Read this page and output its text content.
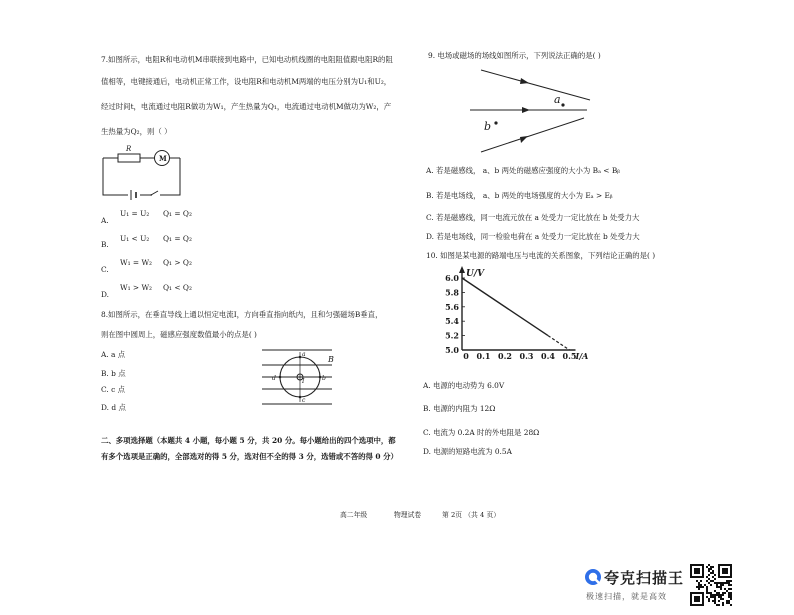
7.如图所示，电阻R和电动机M串联接到电路中，已知电动机线圈的电阻阻值跟电阻R的阻
值相等，电键接通后，电动机正常工作，设电阻R和电动机M两端的电压分别为U₁和U₂，
经过时间t，电流通过电阻R做功为W₁，产生热量为Q₁，电流通过电动机M做功为W₂，产
生热量为Q₂，则（ ）
R
M
A.
U₁ = U₂ Q₁ = Q₂
B.
U₁ < U₂ Q₁ = Q₂
C.
W₁ = W₂ Q₁ > Q₂
D.
W₁ > W₂ Q₁ < Q₂
8.如图所示，在垂直导线上通以恒定电流I，方向垂直指向纸内，且和匀强磁场B垂直，
则在图中圆周上，磁感应强度数值最小的点是( )
A. a 点
B. b 点
C. c 点
D. d 点
a
b
c
d	I
B
二、多项选择题（本题共 4 小题，每小题 5 分，共 20 分。每小题给出的四个选项中，都
有多个选项是正确的，全部选对的得 5 分，选对但不全的得 3 分，选错或不答的得 0 分）
9. 电场或磁场的场线如图所示，下列说法正确的是( )
a
b
A. 若是磁感线， a、b 两处的磁感应强度的大小为 Bₐ < Bᵦ
B. 若是电场线， a、b 两处的电场强度的大小为 Eₐ > Eᵦ
C. 若是磁感线，同一电流元放在 a 处受力一定比放在 b 处受力大
D. 若是电场线，同一检验电荷在 a 处受力一定比放在 b 处受力大
10. 如图是某电源的路端电压与电流的关系图象，下列结论正确的是( )
5.0
5.2
5.4
5.6
5.8
6.0
0 0.1 0.2 0.3 0.4 0.5
U/V
I/A
A. 电源的电动势为 6.0V
B. 电源的内阻为 12Ω
C. 电流为 0.2A 时的外电阻是 28Ω
D. 电源的短路电流为 0.5A
高二年级	物理试卷	第 2页 （共 4 页）
夸克扫描王
极速扫描，就是高效
